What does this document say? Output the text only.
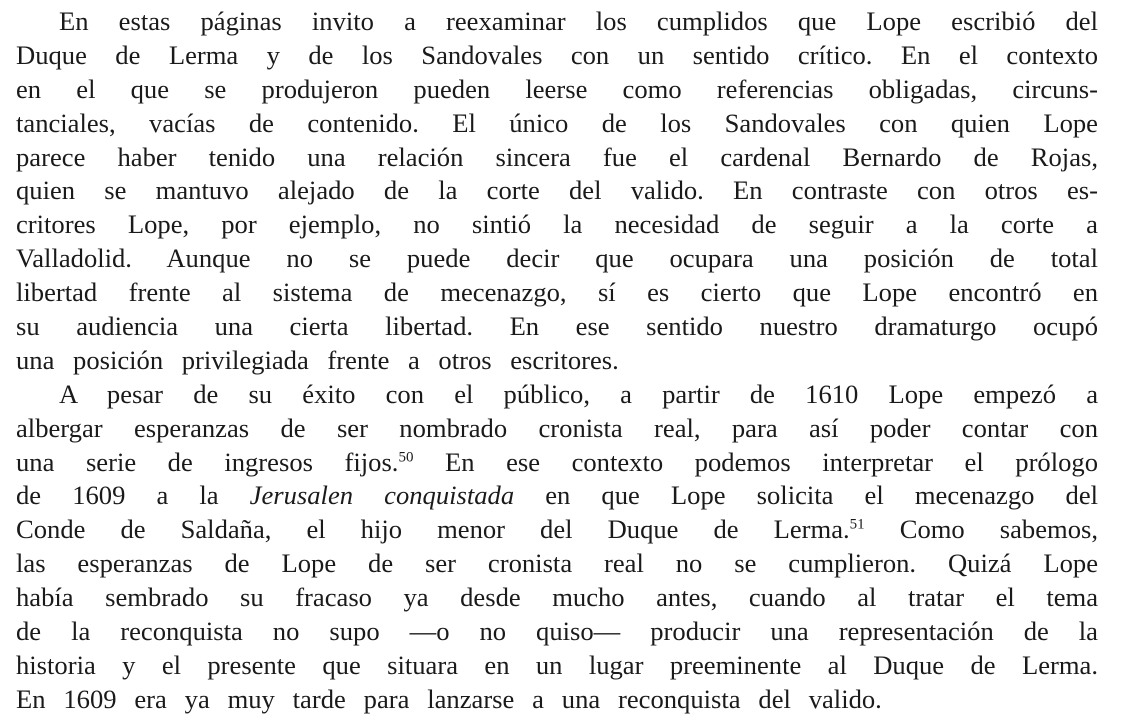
En estas páginas invito a reexaminar los cumplidos que Lope escribió del
Duque de Lerma y de los Sandovales con un sentido crítico. En el contexto
en el que se produjeron pueden leerse como referencias obligadas, circuns-
tanciales, vacías de contenido. El único de los Sandovales con quien Lope
parece haber tenido una relación sincera fue el cardenal Bernardo de Rojas,
quien se mantuvo alejado de la corte del valido. En contraste con otros es-
critores Lope, por ejemplo, no sintió la necesidad de seguir a la corte a
Valladolid. Aunque no se puede decir que ocupara una posición de total
libertad frente al sistema de mecenazgo, sí es cierto que Lope encontró en
su audiencia una cierta libertad. En ese sentido nuestro dramaturgo ocupó
una posición privilegiada frente a otros escritores.
A pesar de su éxito con el público, a partir de 1610 Lope empezó a
albergar esperanzas de ser nombrado cronista real, para así poder contar con
una serie de ingresos fijos.$^{50}$ En ese contexto podemos interpretar el prólogo
de 1609 a la Jerusalen conquistada en que Lope solicita el mecenazgo del
Conde de Saldaña, el hijo menor del Duque de Lerma.$^{51}$ Como sabemos,
las esperanzas de Lope de ser cronista real no se cumplieron. Quizá Lope
había sembrado su fracaso ya desde mucho antes, cuando al tratar el tema
de la reconquista no supo —o no quiso— producir una representación de la
historia y el presente que situara en un lugar preeminente al Duque de Lerma.
En 1609 era ya muy tarde para lanzarse a una reconquista del valido.
